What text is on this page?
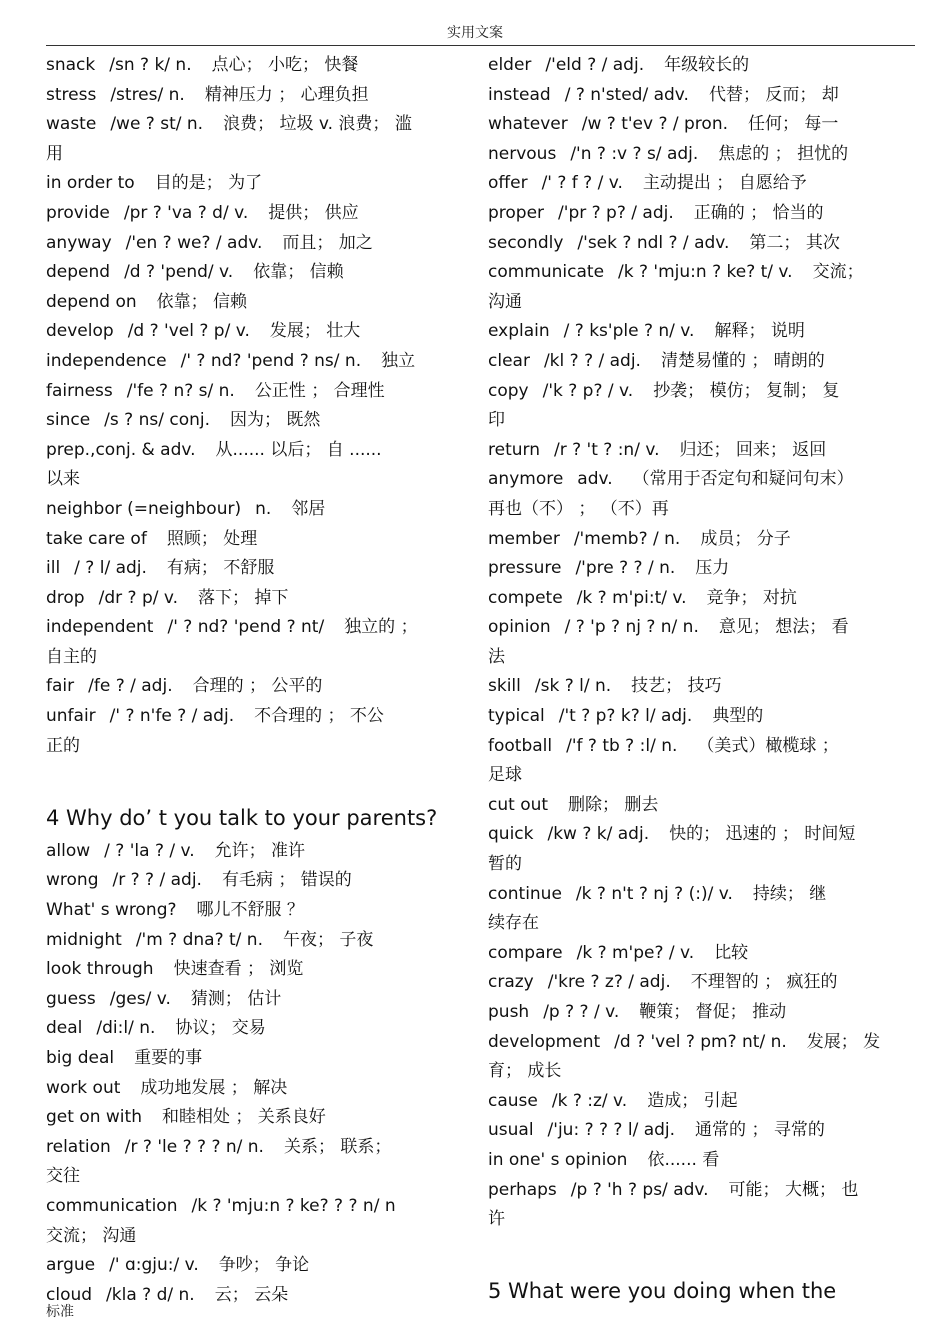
实用文案
snack /sn ? k/ n. 点心； 小吃； 快餐
stress /stres/ n. 精神压力 ； 心理负担
waste /we ? st/ n. 浪费； 垃圾 v. 浪费； 滥
用
in order to 目的是； 为了
provide /pr ? 'va ? d/ v. 提供； 供应
anyway /'en ? we? / adv. 而且； 加之
depend /d ? 'pend/ v. 依靠； 信赖
depend on 依靠； 信赖
develop /d ? 'vel ? p/ v. 发展； 壮大
independence /' ? nd? 'pend ? ns/ n. 独立
fairness /'fe ? n? s/ n. 公正性 ； 合理性
since /s ? ns/ conj. 因为； 既然
prep.,conj. & adv. 从...... 以后； 自 ......
以来
neighbor (=neighbour) n. 邻居
take care of 照顾； 处理
ill / ? l/ adj. 有病； 不舒服
drop /dr ? p/ v. 落下； 掉下
independent /' ? nd? 'pend ? nt/ 独立的 ；
自主的
fair /fe ? / adj. 合理的 ； 公平的
unfair /' ? n'fe ? / adj. 不合理的 ； 不公
正的
4 Why do’ t you talk to your parents?
allow / ? 'la ? / v. 允许； 准许
wrong /r ? ? / adj. 有毛病 ； 错误的
What' s wrong? 哪儿不舒服 ？
midnight /'m ? dna? t/ n. 午夜； 子夜
look through 快速查看 ； 浏览
guess /ges/ v. 猜测； 估计
deal /di:l/ n. 协议； 交易
big deal 重要的事
work out 成功地发展 ； 解决
get on with 和睦相处 ； 关系良好
relation /r ? 'le ? ? ? n/ n. 关系； 联系；
交往
communication /k ? 'mju:n ? ke? ? ? n/ n
交流； 沟通
argue /' ɑ:gju:/ v. 争吵； 争论
cloud /kla ? d/ n. 云； 云朵
elder /'eld ? / adj. 年级较长的
instead / ? n'sted/ adv. 代替； 反而； 却
whatever /w ? t'ev ? / pron. 任何； 每一
nervous /'n ? :v ? s/ adj. 焦虑的 ； 担忧的
offer /' ? f ? / v. 主动提出 ； 自愿给予
proper /'pr ? p? / adj. 正确的 ； 恰当的
secondly /'sek ? ndl ? / adv. 第二； 其次
communicate /k ? 'mju:n ? ke? t/ v. 交流；
沟通
explain / ? ks'ple ? n/ v. 解释； 说明
clear /kl ? ? / adj. 清楚易懂的 ； 晴朗的
copy /'k ? p? / v. 抄袭； 模仿； 复制； 复
印
return /r ? 't ? :n/ v. 归还； 回来； 返回
anymore adv. （常用于否定句和疑问句末）
再也（不） ； （不）再
member /'memb? / n. 成员； 分子
pressure /'pre ? ? / n. 压力
compete /k ? m'pi:t/ v. 竞争； 对抗
opinion / ? 'p ? nj ? n/ n. 意见； 想法； 看
法
skill /sk ? l/ n. 技艺； 技巧
typical /'t ? p? k? l/ adj. 典型的
football /'f ? tb ? :l/ n. （美式）橄榄球 ；
足球
cut out 删除； 删去
quick /kw ? k/ adj. 快的； 迅速的 ； 时间短
暂的
continue /k ? n't ? nj ? (:)/ v. 持续； 继
续存在
compare /k ? m'pe? / v. 比较
crazy /'kre ? z? / adj. 不理智的 ； 疯狂的
push /p ? ? / v. 鞭策； 督促； 推动
development /d ? 'vel ? pm? nt/ n. 发展； 发
育； 成长
cause /k ? :z/ v. 造成； 引起
usual /'ju: ? ? ? l/ adj. 通常的 ； 寻常的
in one' s opinion 依...... 看
perhaps /p ? 'h ? ps/ adv. 可能； 大概； 也
许
5 What were you doing when the
标准
